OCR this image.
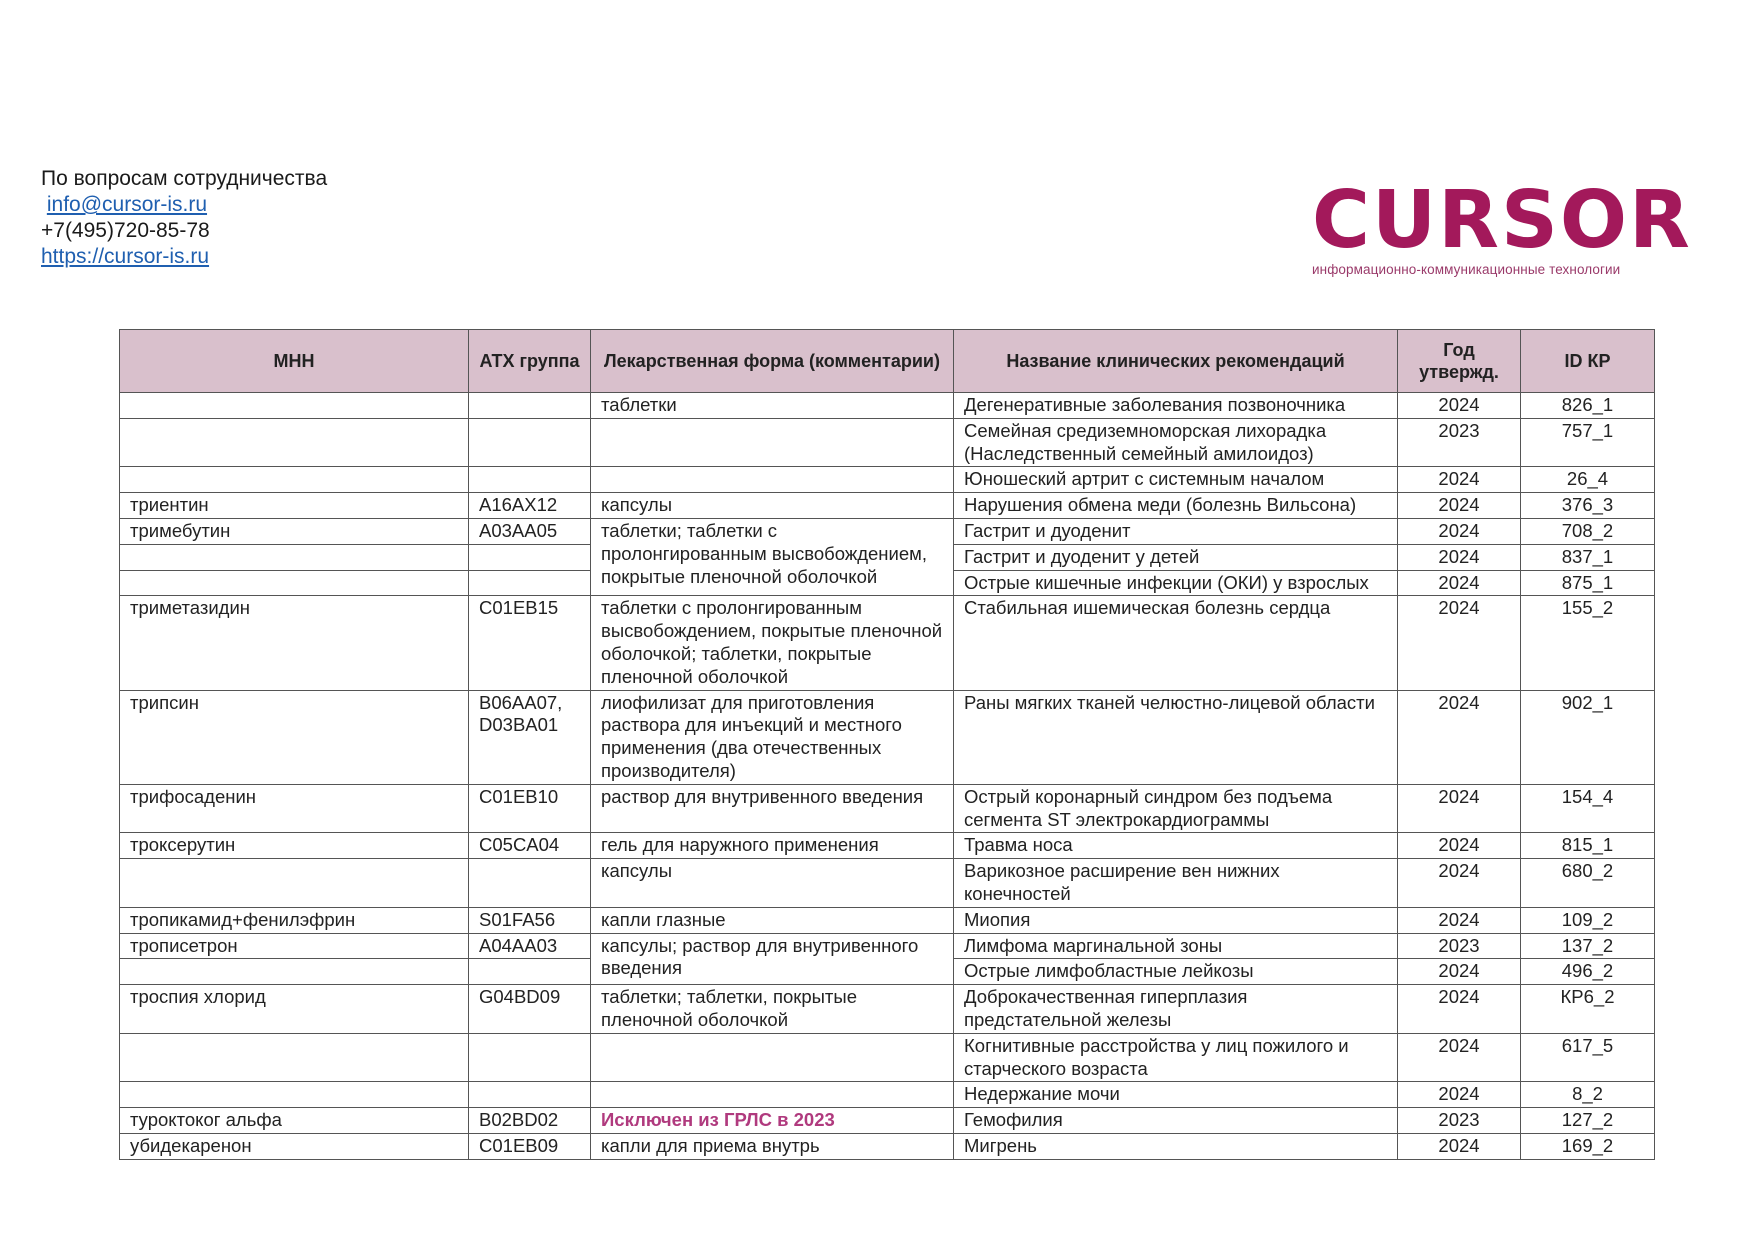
По вопросам сотрудничества
info@cursor-is.ru
+7(495)720-85-78
https://cursor-is.ru	CURSOR
информационно-коммуникационные технологии
МНН	АТХ группа	Лекарственная форма (комментарии)	Название клинических рекомендаций	Год утвержд.	ID КР
		таблетки	Дегенеративные заболевания позвоночника	2024	826_1
			Семейная средиземноморская лихорадка (Наследственный семейный амилоидоз)	2023	757_1
			Юношеский артрит с системным началом	2024	26_4
триентин	A16AX12	капсулы	Нарушения обмена меди (болезнь Вильсона)	2024	376_3
тримебутин	A03AA05	таблетки; таблетки с пролонгированным высвобождением, покрытые пленочной оболочкой	Гастрит и дуоденит	2024	708_2
			Гастрит и дуоденит у детей	2024	837_1
			Острые кишечные инфекции (ОКИ) у взрослых	2024	875_1
триметазидин	C01EB15	таблетки с пролонгированным высвобождением, покрытые пленочной оболочкой; таблетки, покрытые пленочной оболочкой	Стабильная ишемическая болезнь сердца	2024	155_2
трипсин	B06AA07, D03BA01	лиофилизат для приготовления раствора для инъекций и местного применения (два отечественных производителя)	Раны мягких тканей челюстно-лицевой области	2024	902_1
трифосаденин	C01EB10	раствор для внутривенного введения	Острый коронарный синдром без подъема сегмента ST электрокардиограммы	2024	154_4
троксерутин	C05CA04	гель для наружного применения	Травма носа	2024	815_1
		капсулы	Варикозное расширение вен нижних конечностей	2024	680_2
тропикамид+фенилэфрин	S01FA56	капли глазные	Миопия	2024	109_2
трописетрон	A04AA03	капсулы; раствор для внутривенного введения	Лимфома маргинальной зоны	2023	137_2
			Острые лимфобластные лейкозы	2024	496_2
троспия хлорид	G04BD09	таблетки; таблетки, покрытые пленочной оболочкой	Доброкачественная гиперплазия предстательной железы	2024	КР6_2
			Когнитивные расстройства у лиц пожилого и старческого возраста	2024	617_5
			Недержание мочи	2024	8_2
туроктоког альфа	B02BD02	Исключен из ГРЛС в 2023	Гемофилия	2023	127_2
убидекаренон	C01EB09	капли для приема внутрь	Мигрень	2024	169_2
